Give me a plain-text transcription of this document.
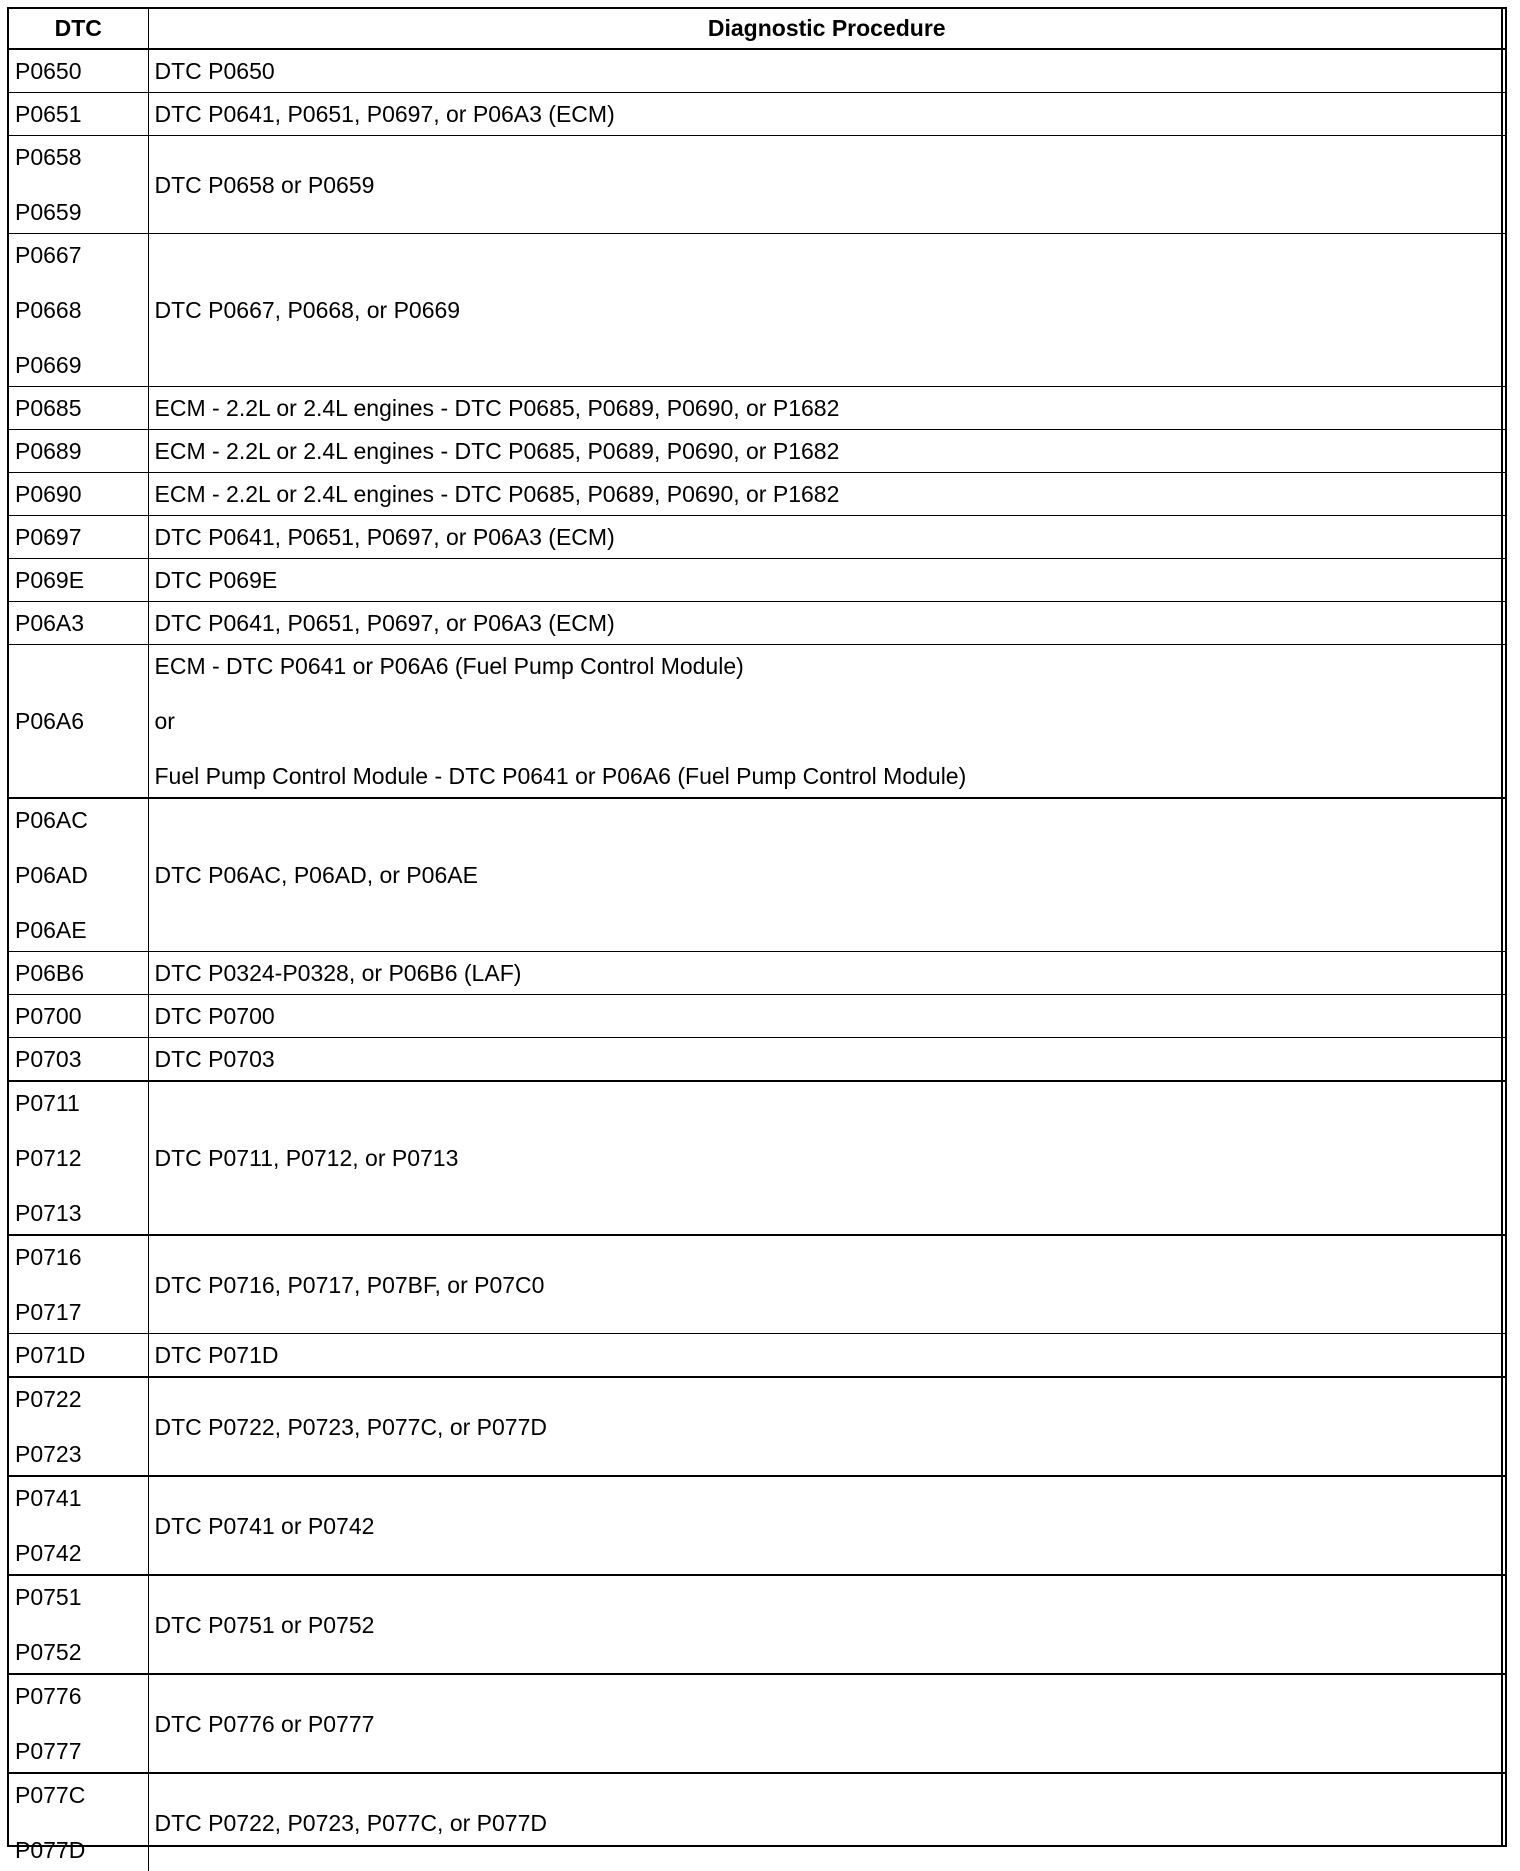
DTC	Diagnostic Procedure

P0650	DTC P0650

P0651	DTC P0641, P0651, P0697, or P06A3 (ECM)

P0658
P0659	DTC P0658 or P0659

P0667
P0668
P0669	DTC P0667, P0668, or P0669

P0685	ECM - 2.2L or 2.4L engines - DTC P0685, P0689, P0690, or P1682

P0689	ECM - 2.2L or 2.4L engines - DTC P0685, P0689, P0690, or P1682

P0690	ECM - 2.2L or 2.4L engines - DTC P0685, P0689, P0690, or P1682

P0697	DTC P0641, P0651, P0697, or P06A3 (ECM)

P069E	DTC P069E

P06A3	DTC P0641, P0651, P0697, or P06A3 (ECM)

P06A6	ECM - DTC P0641 or P06A6 (Fuel Pump Control Module)
or
Fuel Pump Control Module - DTC P0641 or P06A6 (Fuel Pump Control Module)

P06AC
P06AD
P06AE	DTC P06AC, P06AD, or P06AE

P06B6	DTC P0324-P0328, or P06B6 (LAF)

P0700	DTC P0700

P0703	DTC P0703

P0711
P0712
P0713	DTC P0711, P0712, or P0713

P0716
P0717	DTC P0716, P0717, P07BF, or P07C0

P071D	DTC P071D

P0722
P0723	DTC P0722, P0723, P077C, or P077D

P0741
P0742	DTC P0741 or P0742

P0751
P0752	DTC P0751 or P0752

P0776
P0777	DTC P0776 or P0777

P077C
P077D	DTC P0722, P0723, P077C, or P077D
